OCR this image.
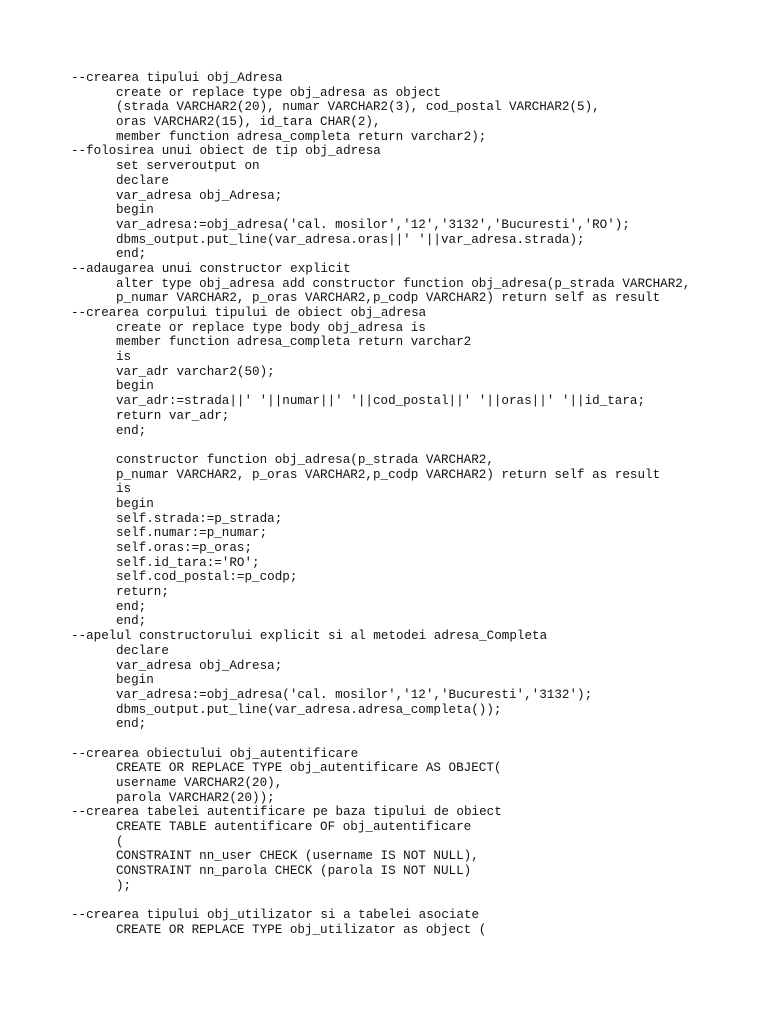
--crearea tipului obj_Adresa
create or replace type obj_adresa as object
(strada VARCHAR2(20), numar VARCHAR2(3), cod_postal VARCHAR2(5),
oras VARCHAR2(15), id_tara CHAR(2),
member function adresa_completa return varchar2);
--folosirea unui obiect de tip obj_adresa
set serveroutput on
declare
var_adresa obj_Adresa;
begin
var_adresa:=obj_adresa('cal. mosilor','12','3132','Bucuresti','RO');
dbms_output.put_line(var_adresa.oras||' '||var_adresa.strada);
end;
--adaugarea unui constructor explicit
alter type obj_adresa add constructor function obj_adresa(p_strada VARCHAR2,
p_numar VARCHAR2, p_oras VARCHAR2,p_codp VARCHAR2) return self as result
--crearea corpului tipului de obiect obj_adresa
create or replace type body obj_adresa is
member function adresa_completa return varchar2
is
var_adr varchar2(50);
begin
var_adr:=strada||' '||numar||' '||cod_postal||' '||oras||' '||id_tara;
return var_adr;
end;
constructor function obj_adresa(p_strada VARCHAR2,
p_numar VARCHAR2, p_oras VARCHAR2,p_codp VARCHAR2) return self as result
is
begin
self.strada:=p_strada;
self.numar:=p_numar;
self.oras:=p_oras;
self.id_tara:='RO';
self.cod_postal:=p_codp;
return;
end;
end;
--apelul constructorului explicit si al metodei adresa_Completa
declare
var_adresa obj_Adresa;
begin
var_adresa:=obj_adresa('cal. mosilor','12','Bucuresti','3132');
dbms_output.put_line(var_adresa.adresa_completa());
end;
--crearea obiectului obj_autentificare
CREATE OR REPLACE TYPE obj_autentificare AS OBJECT(
username VARCHAR2(20),
parola VARCHAR2(20));
--crearea tabelei autentificare pe baza tipului de obiect
CREATE TABLE autentificare OF obj_autentificare
(
CONSTRAINT nn_user CHECK (username IS NOT NULL),
CONSTRAINT nn_parola CHECK (parola IS NOT NULL)
);
--crearea tipului obj_utilizator si a tabelei asociate
CREATE OR REPLACE TYPE obj_utilizator as object (
